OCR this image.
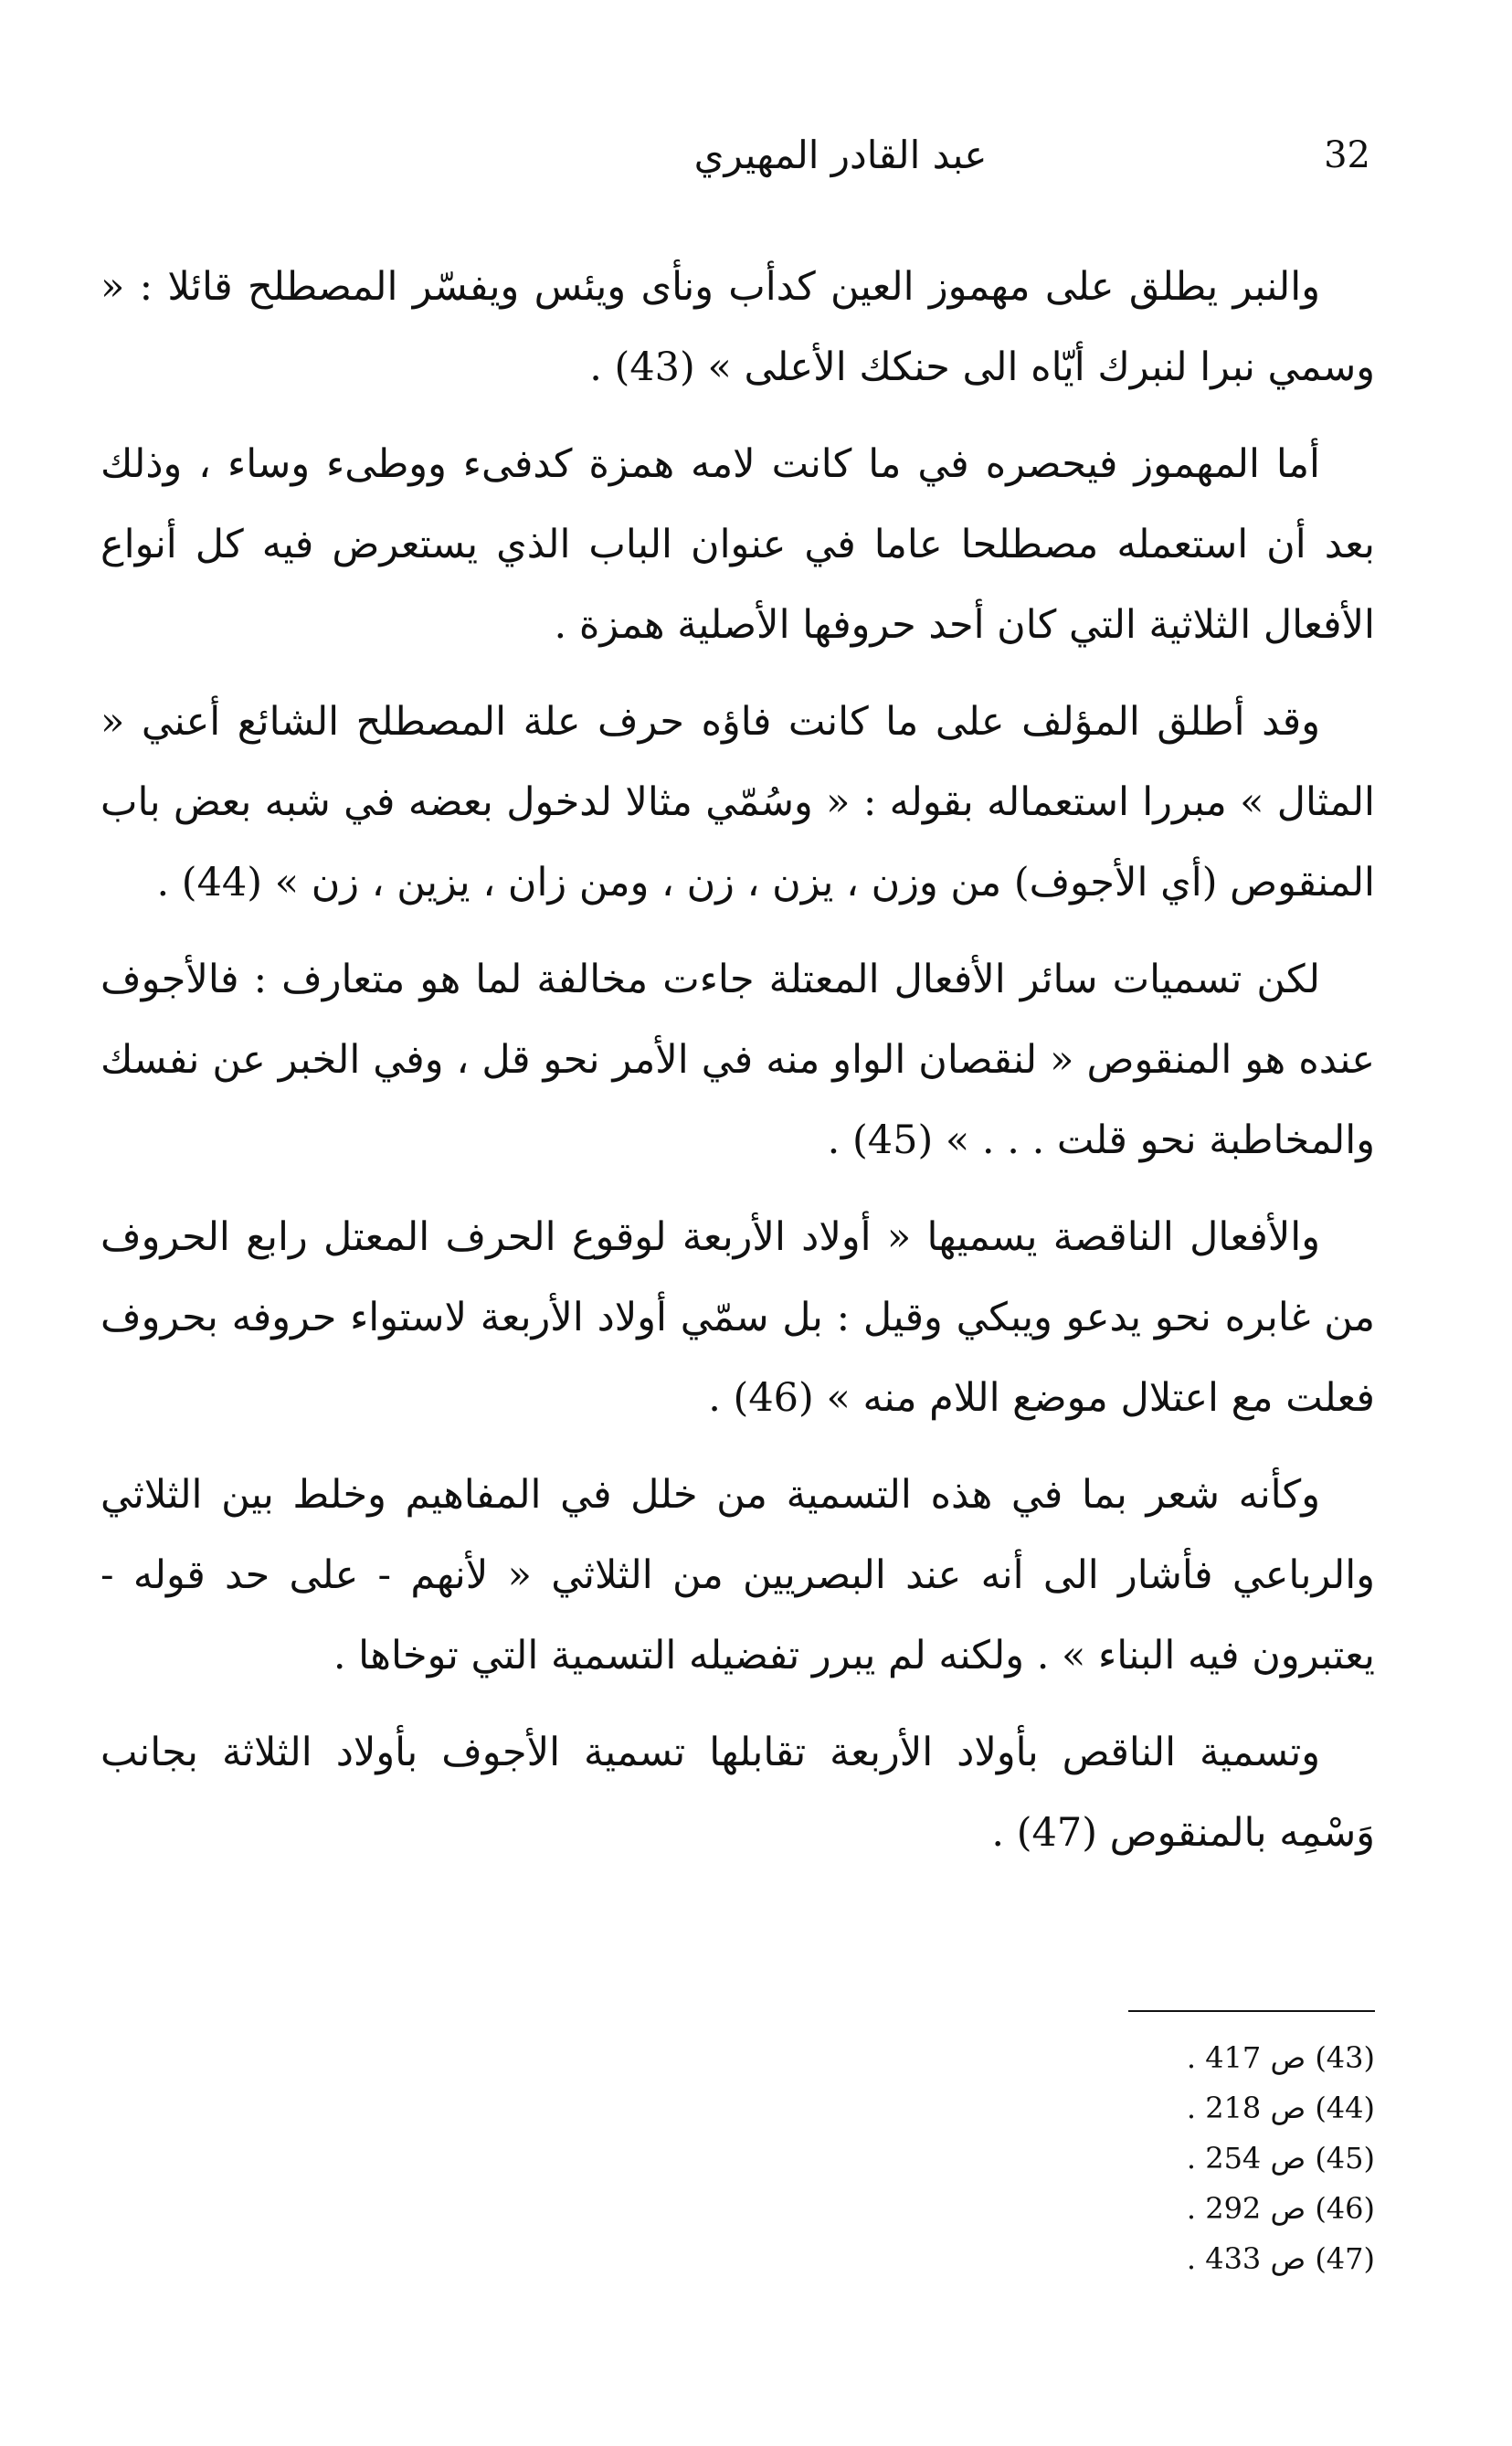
عبد القادر المهيري	32

والنبر يطلق على مهموز العين كدأب ونأى ويئس ويفسّر المصطلح قائلا : « وسمي نبرا لنبرك أيّاه الى حنكك الأعلى » (43) .

أما المهموز فيحصره في ما كانت لامه همزة كدفىء ووطىء وساء ، وذلك بعد أن استعمله مصطلحا عاما في عنوان الباب الذي يستعرض فيه كل أنواع الأفعال الثلاثية التي كان أحد حروفها الأصلية همزة .

وقد أطلق المؤلف على ما كانت فاؤه حرف علة المصطلح الشائع أعني « المثال » مبررا استعماله بقوله : « وسُمّي مثالا لدخول بعضه في شبه بعض باب المنقوص (أي الأجوف) من وزن ، يزن ، زن ، ومن زان ، يزين ، زن » (44) .

لكن تسميات سائر الأفعال المعتلة جاءت مخالفة لما هو متعارف : فالأجوف عنده هو المنقوص « لنقصان الواو منه في الأمر نحو قل ، وفي الخبر عن نفسك والمخاطبة نحو قلت . . . » (45) .

والأفعال الناقصة يسميها « أولاد الأربعة لوقوع الحرف المعتل رابع الحروف من غابره نحو يدعو ويبكي وقيل : بل سمّي أولاد الأربعة لاستواء حروفه بحروف فعلت مع اعتلال موضع اللام منه » (46) .

وكأنه شعر بما في هذه التسمية من خلل في المفاهيم وخلط بين الثلاثي والرباعي فأشار الى أنه عند البصريين من الثلاثي « لأنهم - على حد قوله - يعتبرون فيه البناء » . ولكنه لم يبرر تفضيله التسمية التي توخاها .

وتسمية الناقص بأولاد الأربعة تقابلها تسمية الأجوف بأولاد الثلاثة بجانب وَسْمِه بالمنقوص (47) .

(43) ص 417 .
(44) ص 218 .
(45) ص 254 .
(46) ص 292 .
(47) ص 433 .
